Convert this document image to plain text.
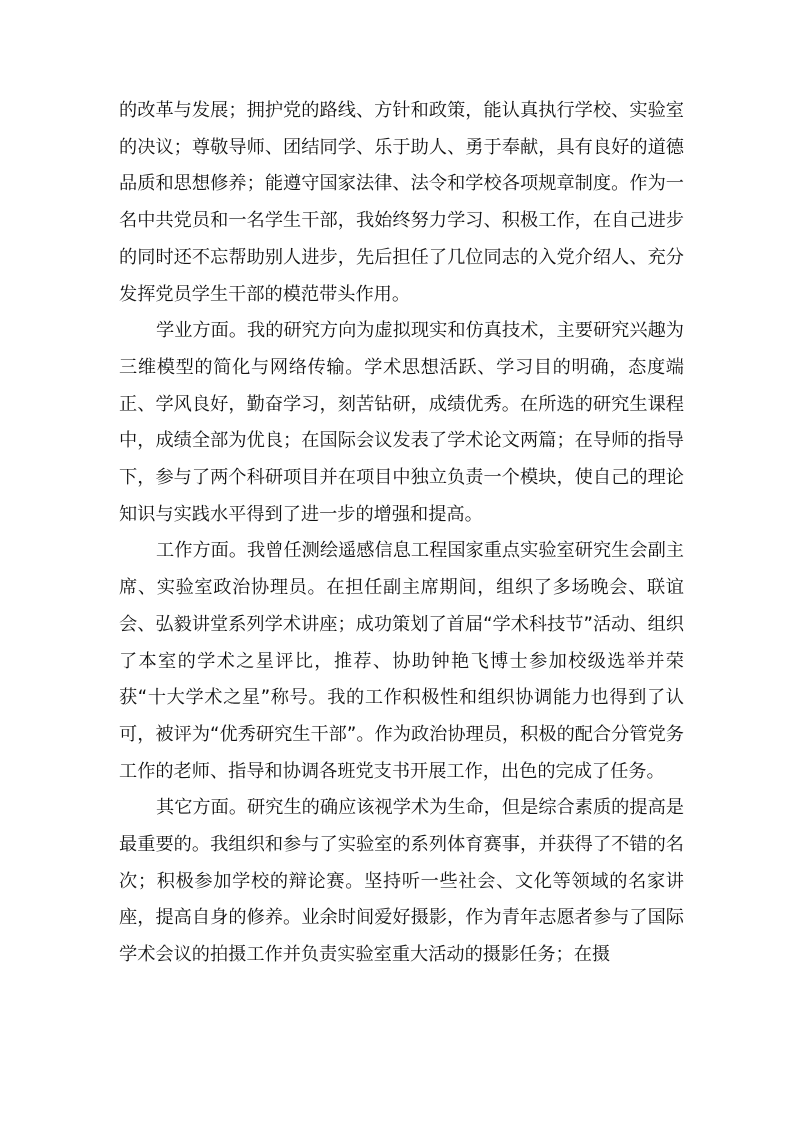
的改革与发展；拥护党的路线、方针和政策，能认真执行学校、实验室的决议；尊敬导师、团结同学、乐于助人、勇于奉献，具有良好的道德品质和思想修养；能遵守国家法律、法令和学校各项规章制度。作为一名中共党员和一名学生干部，我始终努力学习、积极工作，在自己进步的同时还不忘帮助别人进步，先后担任了几位同志的入党介绍人、充分发挥党员学生干部的模范带头作用。

学业方面。我的研究方向为虚拟现实和仿真技术，主要研究兴趣为三维模型的简化与网络传输。学术思想活跃、学习目的明确，态度端正、学风良好，勤奋学习，刻苦钻研，成绩优秀。在所选的研究生课程中，成绩全部为优良；在国际会议发表了学术论文两篇；在导师的指导下，参与了两个科研项目并在项目中独立负责一个模块，使自己的理论知识与实践水平得到了进一步的增强和提高。

工作方面。我曾任测绘遥感信息工程国家重点实验室研究生会副主席、实验室政治协理员。在担任副主席期间，组织了多场晚会、联谊会、弘毅讲堂系列学术讲座；成功策划了首届“学术科技节”活动、组织了本室的学术之星评比，推荐、协助钟艳飞博士参加校级选举并荣获“十大学术之星”称号。我的工作积极性和组织协调能力也得到了认可，被评为“优秀研究生干部”。作为政治协理员，积极的配合分管党务工作的老师、指导和协调各班党支书开展工作，出色的完成了任务。

其它方面。研究生的确应该视学术为生命，但是综合素质的提高是最重要的。我组织和参与了实验室的系列体育赛事，并获得了不错的名次；积极参加学校的辩论赛。坚持听一些社会、文化等领域的名家讲座，提高自身的修养。业余时间爱好摄影，作为青年志愿者参与了国际学术会议的拍摄工作并负责实验室重大活动的摄影任务；在摄
